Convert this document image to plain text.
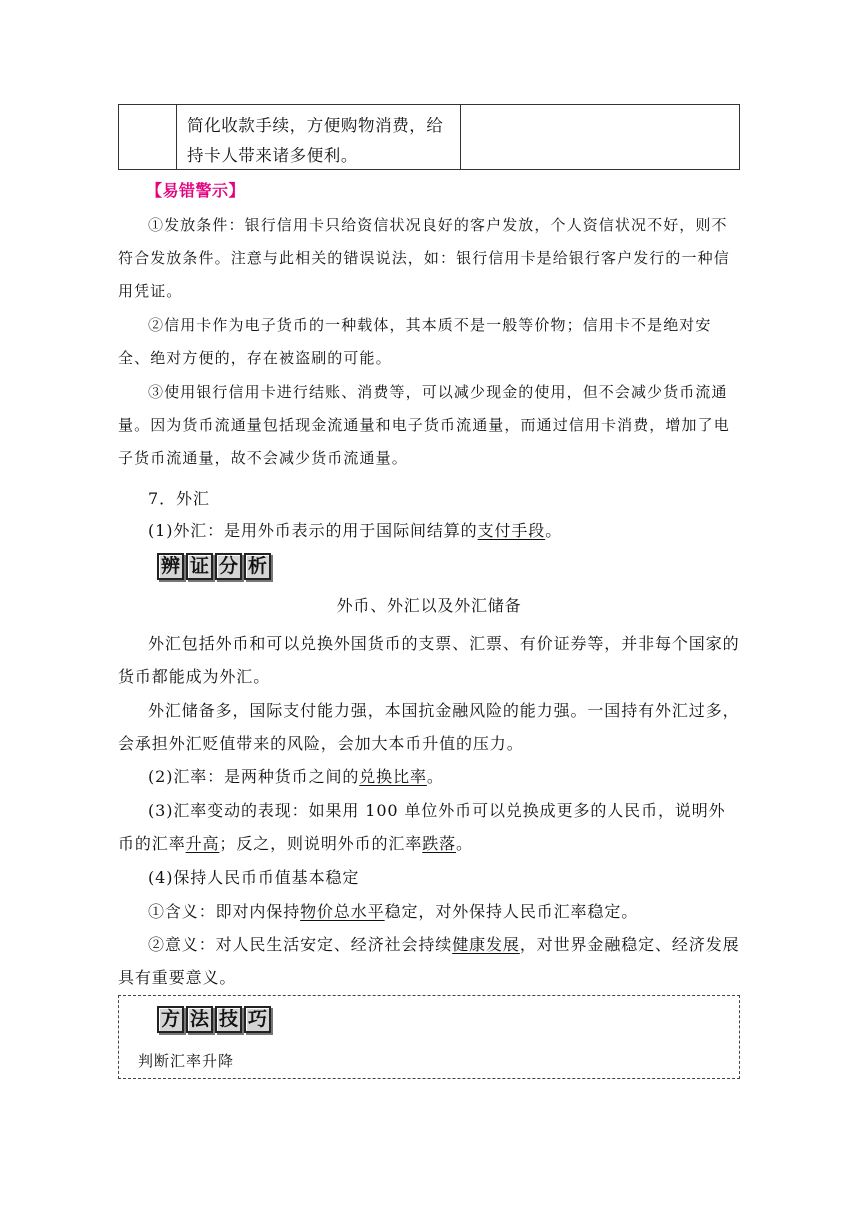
简化收款手续，方便购物消费，给
持卡人带来诸多便利。
【易错警示】

①发放条件：银行信用卡只给资信状况良好的客户发放，个人资信状况不好，则不符合发放条件。注意与此相关的错误说法，如：银行信用卡是给银行客户发行的一种信用凭证。

②信用卡作为电子货币的一种载体，其本质不是一般等价物；信用卡不是绝对安全、绝对方便的，存在被盗刷的可能。

③使用银行信用卡进行结账、消费等，可以减少现金的使用，但不会减少货币流通量。因为货币流通量包括现金流通量和电子货币流通量，而通过信用卡消费，增加了电子货币流通量，故不会减少货币流通量。

7．外汇

(1)外汇：是用外币表示的用于国际间结算的支付手段。

辨 证 分 析
外币、外汇以及外汇储备

外汇包括外币和可以兑换外国货币的支票、汇票、有价证券等，并非每个国家的货币都能成为外汇。

外汇储备多，国际支付能力强，本国抗金融风险的能力强。一国持有外汇过多，会承担外汇贬值带来的风险，会加大本币升值的压力。

(2)汇率：是两种货币之间的兑换比率。

(3)汇率变动的表现：如果用 100 单位外币可以兑换成更多的人民币，说明外币的汇率升高；反之，则说明外币的汇率跌落。

(4)保持人民币币值基本稳定

①含义：即对内保持物价总水平稳定，对外保持人民币汇率稳定。

②意义：对人民生活安定、经济社会持续健康发展，对世界金融稳定、经济发展具有重要意义。

方 法 技 巧
判断汇率升降
